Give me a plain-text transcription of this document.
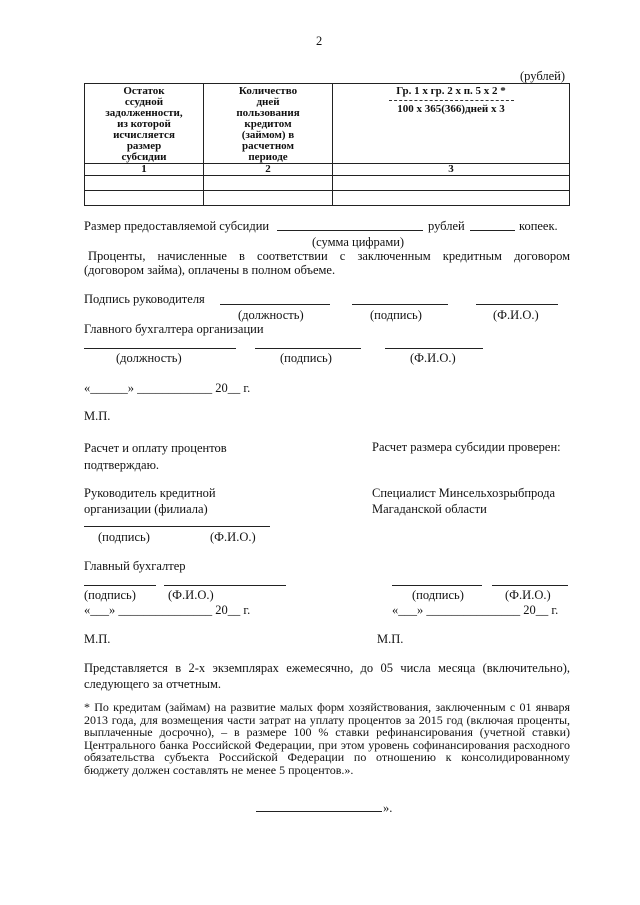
2
(рублей)
Остаток ссудной задолженности, из которой исчисляется размер субсидии	Количество дней пользования кредитом (займом) в расчетном периоде	Гр. 1 x гр. 2 x п. 5 x 2 *
100 x 365(366)дней x 3

1	2	3

Размер предоставляемой субсидии	рублей	копеек.
(сумма цифрами)
Проценты, начисленные в соответствии с заключенным кредитным договором (договором займа), оплачены в полном объеме.
Подпись руководителя
(должность)	(подпись)	(Ф.И.О.)
Главного бухгалтера организации
(должность)	(подпись)	(Ф.И.О.)
«______» ____________ 20__ г.
М.П.
Расчет и оплату процентов подтверждаю.
Расчет размера субсидии проверен:
Руководитель кредитной организации (филиала)
Специалист Минсельхозрыбпрода Магаданской области
(подпись)	(Ф.И.О.)
Главный бухгалтер
(подпись)	(Ф.И.О.)	(подпись)	(Ф.И.О.)
«___» _______________ 20__ г.	«___» _______________ 20__ г.
М.П.	М.П.
Представляется в 2-х экземплярах ежемесячно, до 05 числа месяца (включительно), следующего за отчетным.
* По кредитам (займам) на развитие малых форм хозяйствования, заключенным с 01 января 2013 года, для возмещения части затрат на уплату процентов за 2015 год (включая проценты, выплаченные досрочно), – в размере 100 % ставки рефинансирования (учетной ставки) Центрального банка Российской Федерации, при этом уровень софинансирования расходного обязательства субъекта Российской Федерации по отношению к консолидированному бюджету должен составлять не менее 5 процентов.».
».
